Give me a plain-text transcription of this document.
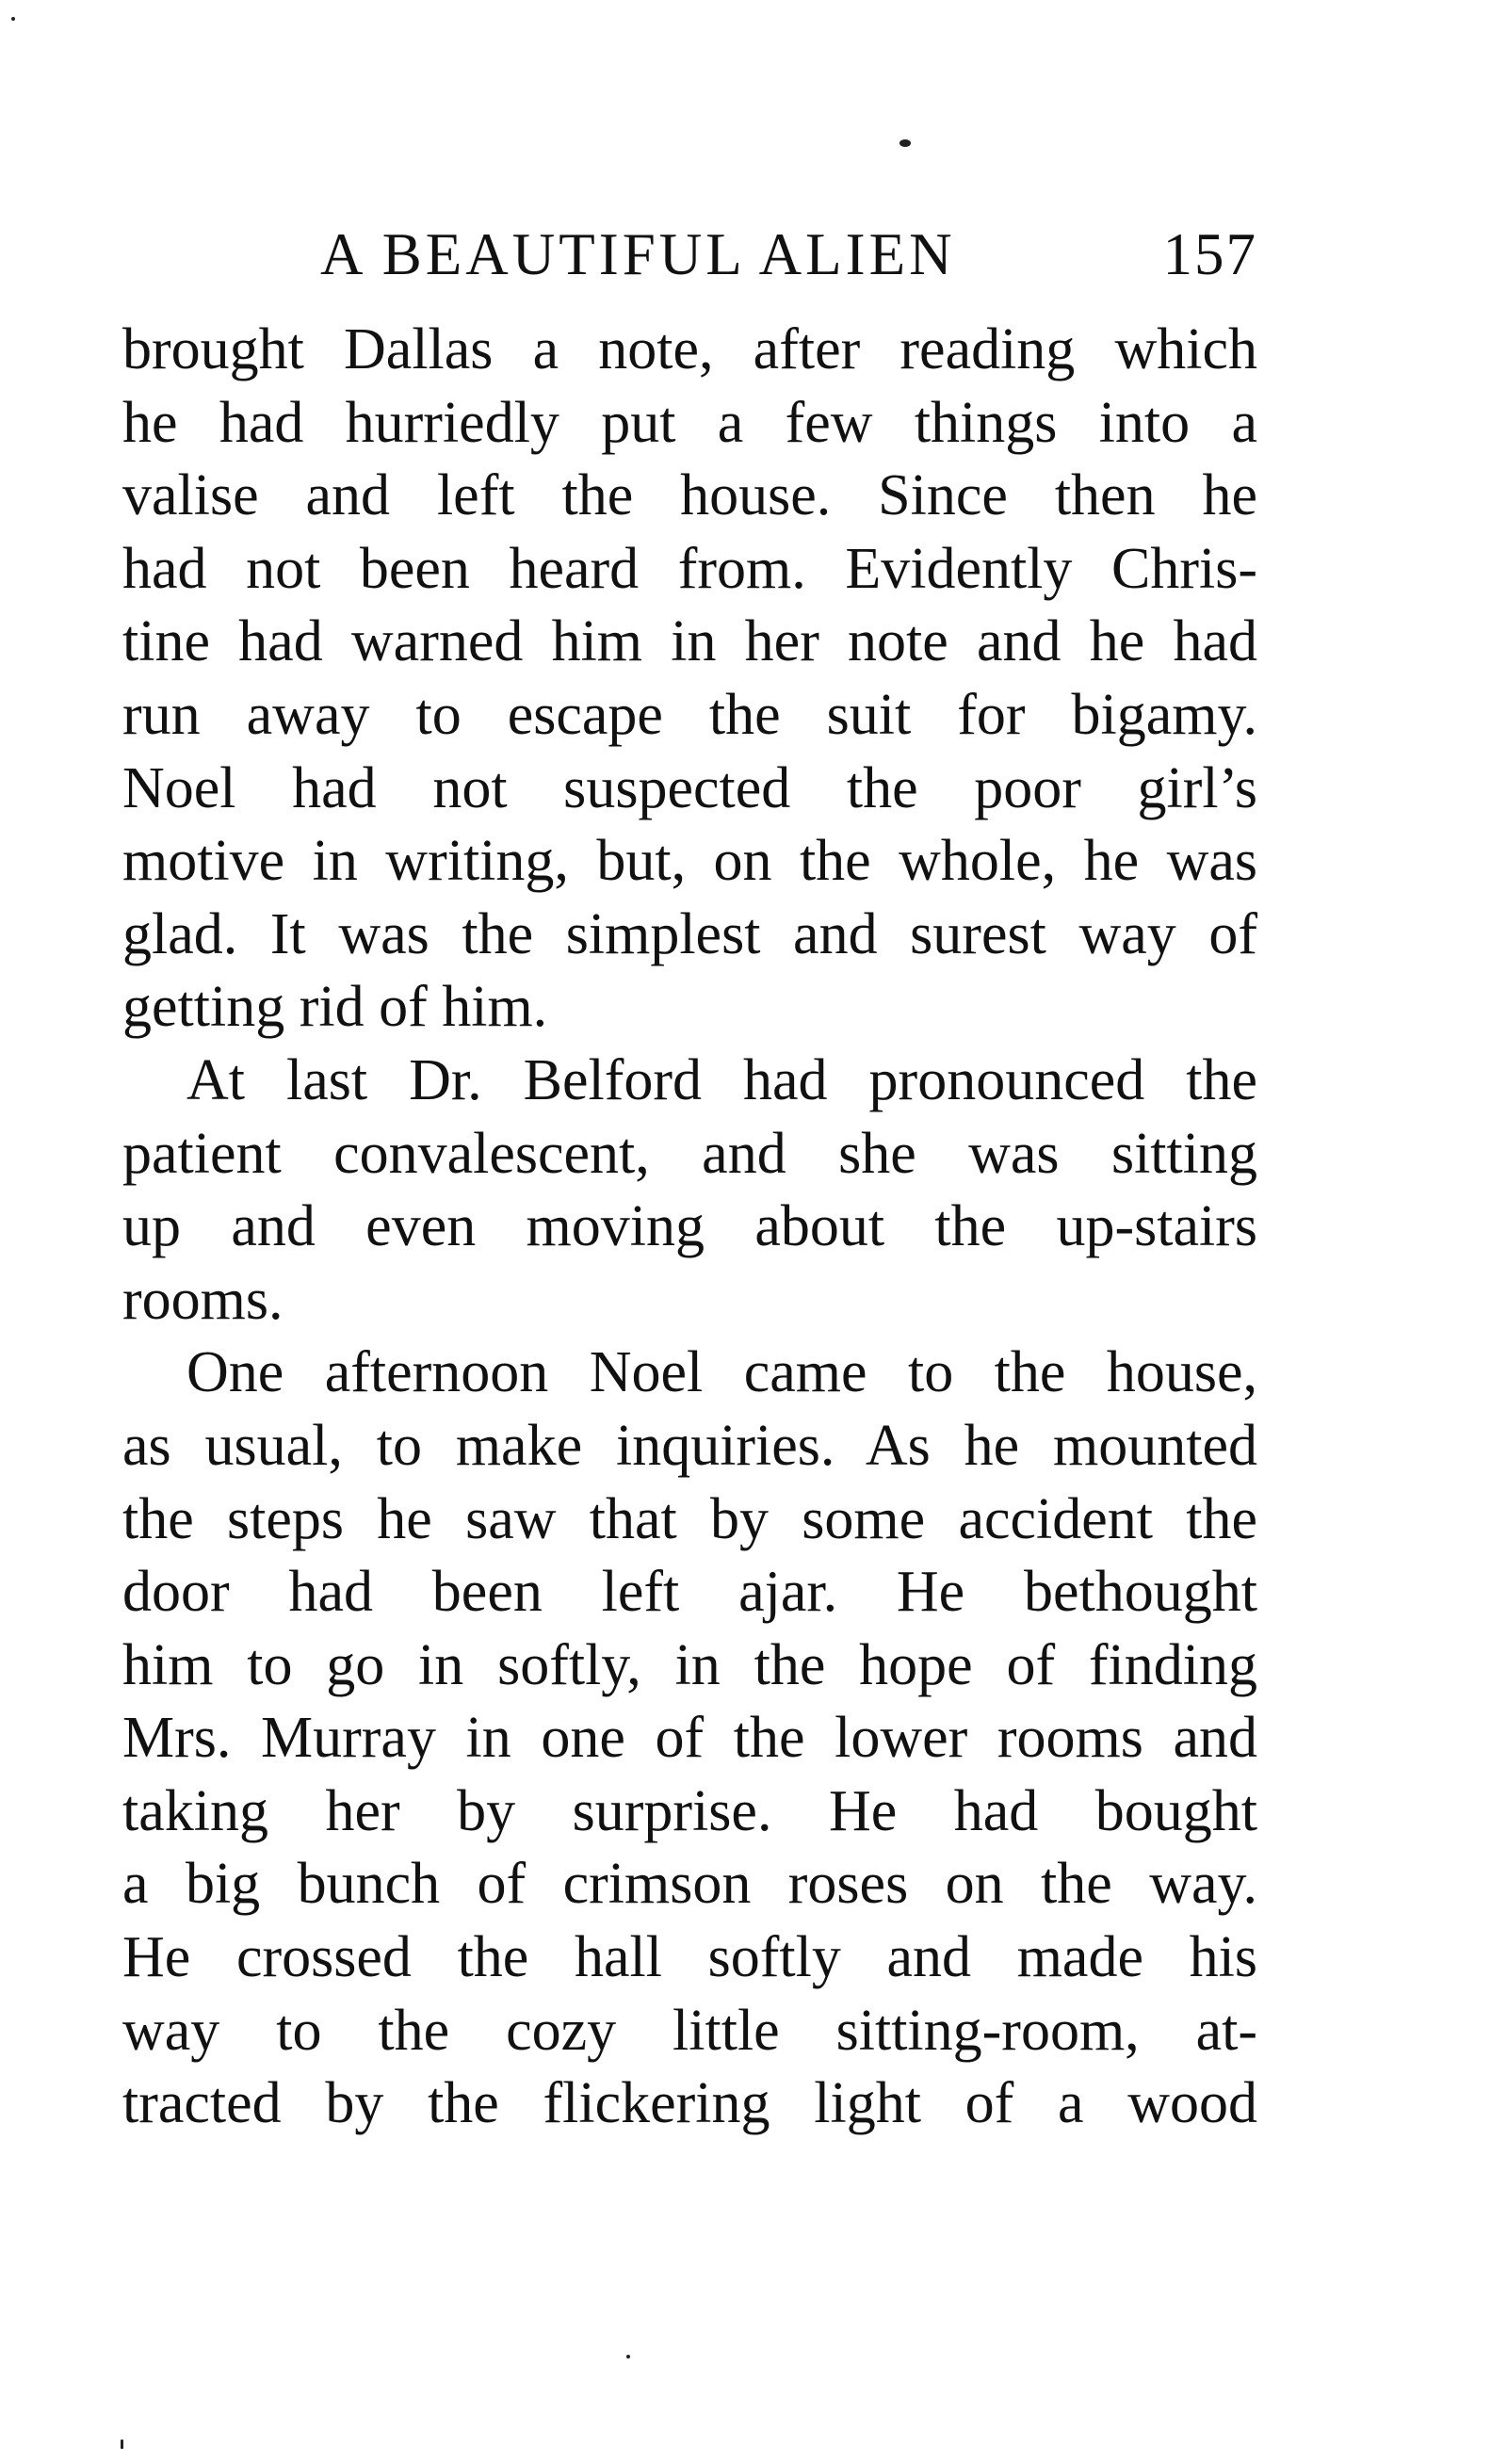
A BEAUTIFUL ALIEN	157
brought Dallas a note, after reading which
he had hurriedly put a few things into a
valise and left the house. Since then he
had not been heard from. Evidently Chris-
tine had warned him in her note and he had
run away to escape the suit for bigamy.
Noel had not suspected the poor girl’s
motive in writing, but, on the whole, he was
glad. It was the simplest and surest way of
getting rid of him.
At last Dr. Belford had pronounced the
patient convalescent, and she was sitting
up and even moving about the up-stairs
rooms.
One afternoon Noel came to the house,
as usual, to make inquiries. As he mounted
the steps he saw that by some accident the
door had been left ajar. He bethought
him to go in softly, in the hope of finding
Mrs. Murray in one of the lower rooms and
taking her by surprise. He had bought
a big bunch of crimson roses on the way.
He crossed the hall softly and made his
way to the cozy little sitting-room, at-
tracted by the flickering light of a wood
